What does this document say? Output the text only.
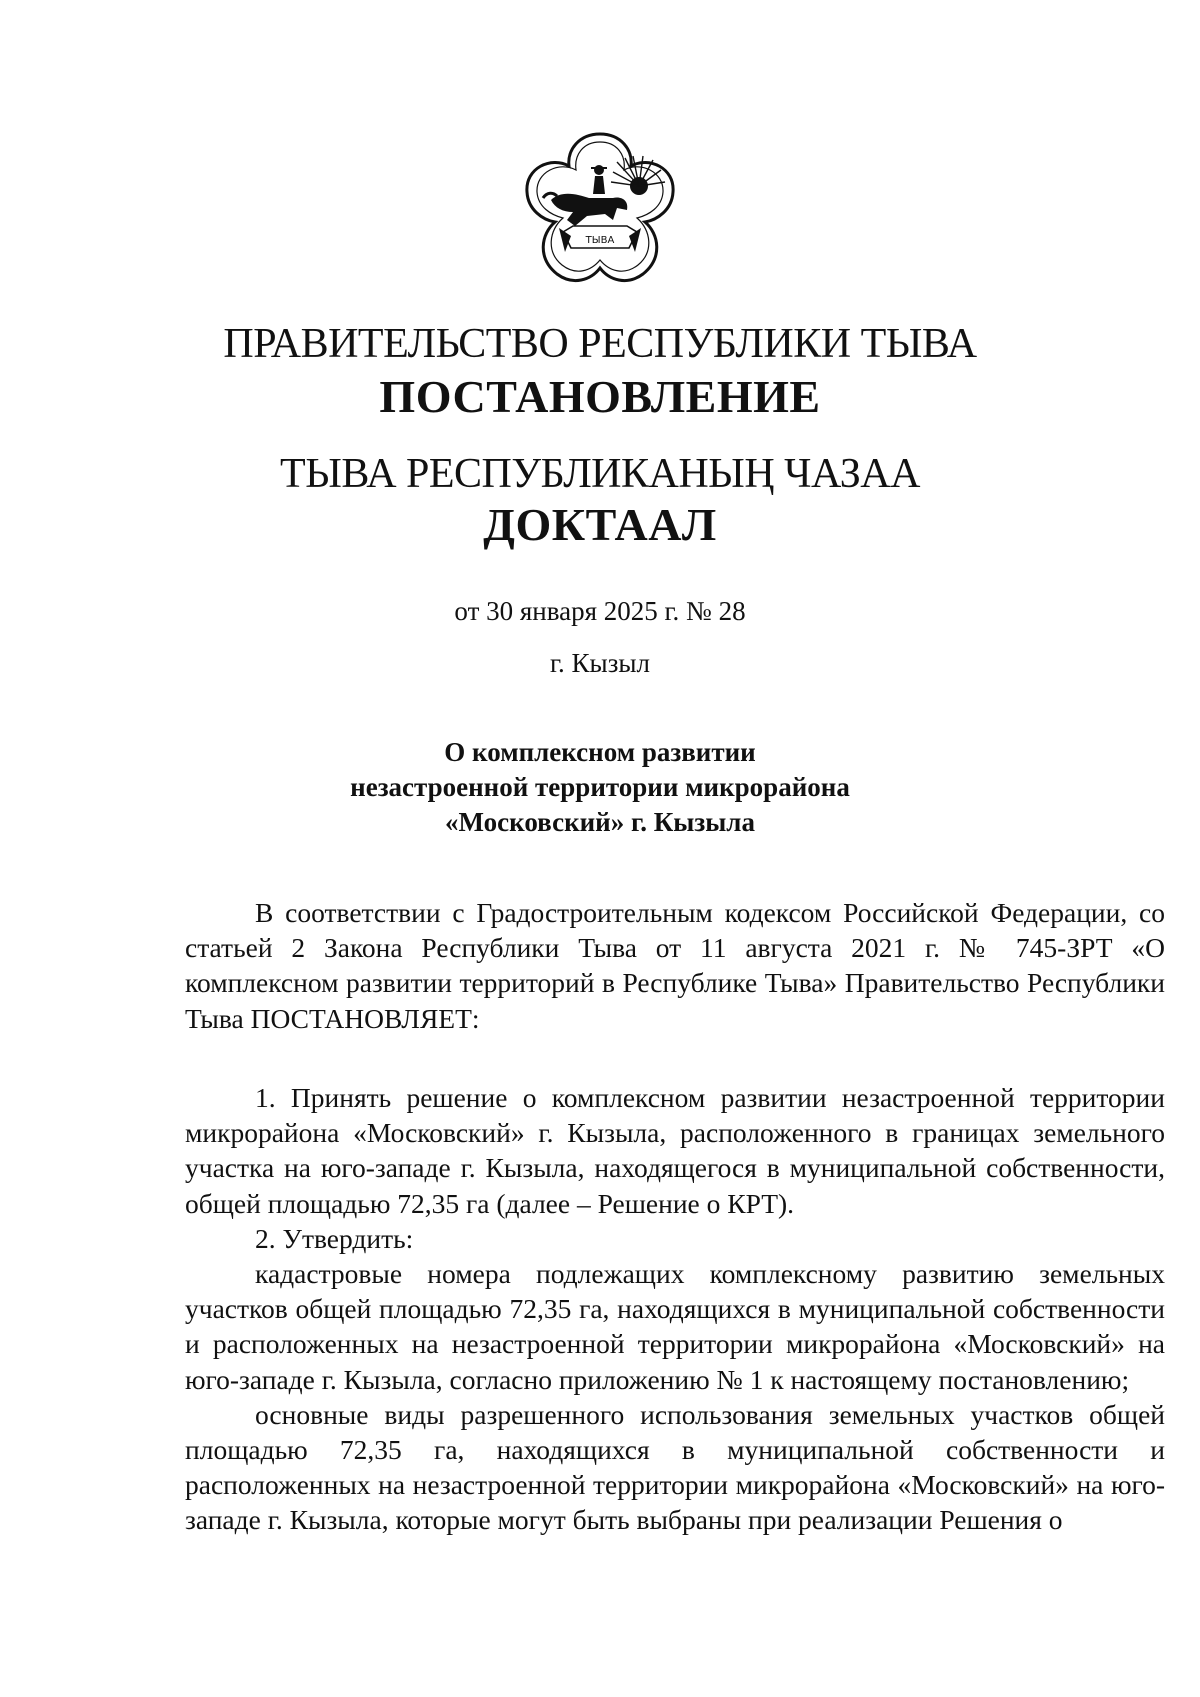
ТЫВА
ПРАВИТЕЛЬСТВО РЕСПУБЛИКИ ТЫВА
ПОСТАНОВЛЕНИЕ
ТЫВА РЕСПУБЛИКАНЫҢ ЧАЗАА
ДОКТААЛ
от 30 января 2025 г. № 28
г. Кызыл
О комплексном развитии
незастроенной территории микрорайона
«Московский» г. Кызыла

В соответствии с Градостроительным кодексом Российской Федерации, со статьей 2 Закона Республики Тыва от 11 августа 2021 г. № 745-ЗРТ «О комплексном развитии территорий в Республике Тыва» Правительство Республики Тыва ПОСТАНОВЛЯЕТ:

1. Принять решение о комплексном развитии незастроенной территории микрорайона «Московский» г. Кызыла, расположенного в границах земельного участка на юго-западе г. Кызыла, находящегося в муниципальной собственности, общей площадью 72,35 га (далее – Решение о КРТ).

2. Утвердить:

кадастровые номера подлежащих комплексному развитию земельных участков общей площадью 72,35 га, находящихся в муниципальной собственности и расположенных на незастроенной территории микрорайона «Московский» на юго-западе г. Кызыла, согласно приложению № 1 к настоящему постановлению;

основные виды разрешенного использования земельных участков общей площадью 72,35 га, находящихся в муниципальной собственности и расположенных на незастроенной территории микрорайона «Московский» на юго-западе г. Кызыла, которые могут быть выбраны при реализации Решения о
